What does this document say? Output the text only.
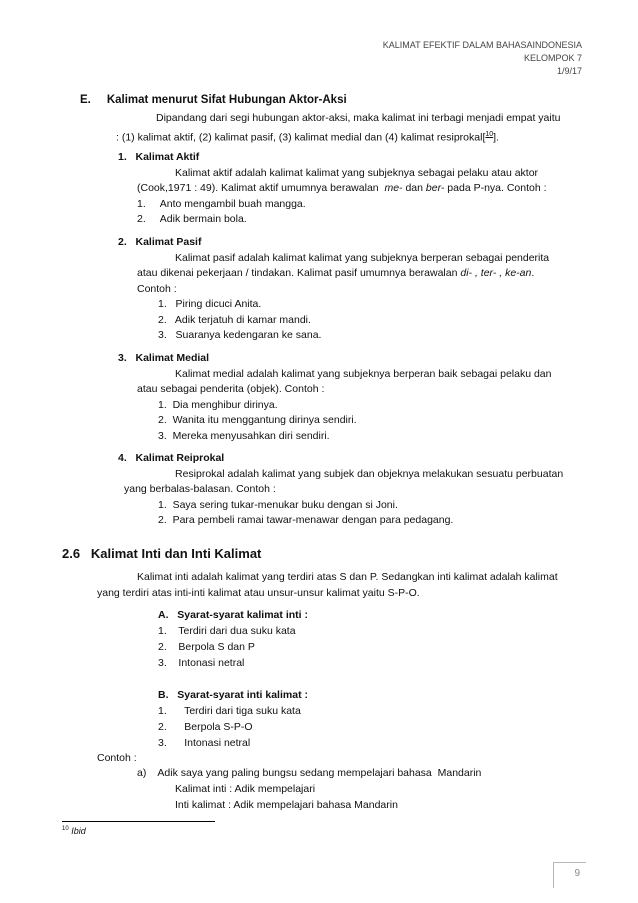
KALIMAT EFEKTIF DALAM BAHASAINDONESIA
KELOMPOK 7
1/9/17
E.     Kalimat menurut Sifat Hubungan Aktor-Aksi
Dipandang dari segi hubungan aktor-aksi, maka kalimat ini terbagi menjadi empat yaitu
: (1) kalimat aktif, (2) kalimat pasif, (3) kalimat medial dan (4) kalimat resiprokal[$^{10}$].
1.   Kalimat Aktif
Kalimat aktif adalah kalimat kalimat yang subjeknya sebagai pelaku atau aktor
(Cook,1971 : 49). Kalimat aktif umumnya berawalan  me- dan ber- pada P-nya. Contoh :
1.     Anto mengambil buah mangga.
2.     Adik bermain bola.
2.   Kalimat Pasif
Kalimat pasif adalah kalimat kalimat yang subjeknya berperan sebagai penderita
atau dikenai pekerjaan / tindakan. Kalimat pasif umumnya berawalan di- , ter- , ke-an.
Contoh :
1.   Piring dicuci Anita.
2.   Adik terjatuh di kamar mandi.
3.   Suaranya kedengaran ke sana.
3.   Kalimat Medial
Kalimat medial adalah kalimat yang subjeknya berperan baik sebagai pelaku dan
atau sebagai penderita (objek). Contoh :
1.  Dia menghibur dirinya.
2.  Wanita itu menggantung dirinya sendiri.
3.  Mereka menyusahkan diri sendiri.
4.   Kalimat Reiprokal
Resiprokal adalah kalimat yang subjek dan objeknya melakukan sesuatu perbuatan
yang berbalas-balasan. Contoh :
1.  Saya sering tukar-menukar buku dengan si Joni.
2.  Para pembeli ramai tawar-menawar dengan para pedagang.
2.6   Kalimat Inti dan Inti Kalimat
Kalimat inti adalah kalimat yang terdiri atas S dan P. Sedangkan inti kalimat adalah kalimat
yang terdiri atas inti-inti kalimat atau unsur-unsur kalimat yaitu S-P-O.
A.   Syarat-syarat kalimat inti :
1.    Terdiri dari dua suku kata
2.    Berpola S dan P
3.    Intonasi netral
B.   Syarat-syarat inti kalimat :
1.      Terdiri dari tiga suku kata
2.      Berpola S-P-O
3.      Intonasi netral
Contoh :
a)    Adik saya yang paling bungsu sedang mempelajari bahasa  Mandarin
Kalimat inti : Adik mempelajari
Inti kalimat : Adik mempelajari bahasa Mandarin
$^{10}$ Ibid
9
